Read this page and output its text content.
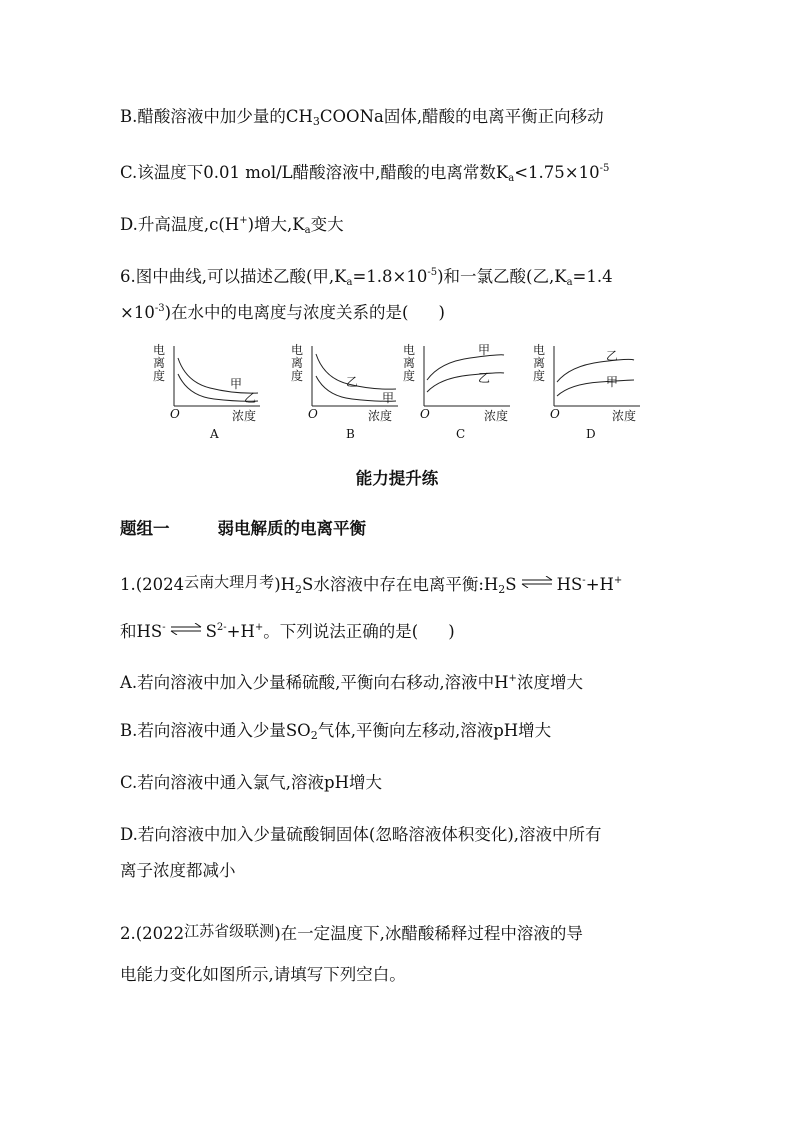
B.醋酸溶液中加少量的$CH_3COONa$固体,醋酸的电离平衡正向移动
C.该温度下0.01 mol/L醋酸溶液中,醋酸的电离常数$Ka<1.75\times 10^{-5}$
D.升高温度,c(H+)增大,Ka变大
6.图中曲线,可以描述乙酸(甲$,Ka=1.8\times 10^{-5}$)和一氯乙酸(乙,Ka=1.4
$\times 10^{-3}$)在水中的电离度与浓度关系的是( )
电离度
甲
乙
O	浓度
A
电离度	乙
甲
O	浓度
B
电离度
甲
乙
O	浓度
C
电离度
乙
甲
O	浓度
D
能力提升练
题组一	弱电解质的电离平衡
1.(2024云南大理月考)$H_2S$水溶液中存在电离平衡$:H_2S$ ⇌ HS-+H+
和HS- ⇌ $S^{2-}+H^+$。下列说法正确的是( )
A.若向溶液中加入少量稀硫酸,平衡向右移动,溶液中H+浓度增大
B.若向溶液中通入少量$SO_2$气体,平衡向左移动,溶液pH增大
C.若向溶液中通入氯气,溶液pH增大
D.若向溶液中加入少量硫酸铜固体(忽略溶液体积变化),溶液中所有
离子浓度都减小
2.(2022江苏省级联测)在一定温度下,冰醋酸稀释过程中溶液的导
电能力变化如图所示,请填写下列空白。
